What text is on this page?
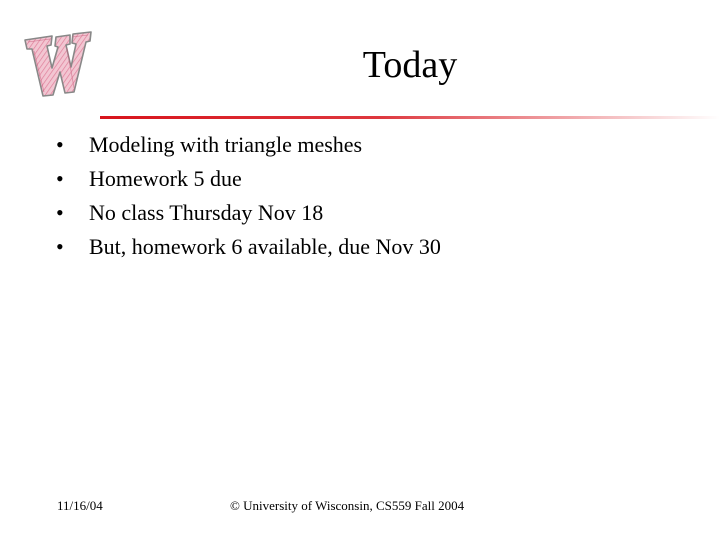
Today
•	Modeling with triangle meshes
•	Homework 5 due
•	No class Thursday Nov 18
•	But, homework 6 available, due Nov 30
11/16/04	© University of Wisconsin, CS559 Fall 2004
